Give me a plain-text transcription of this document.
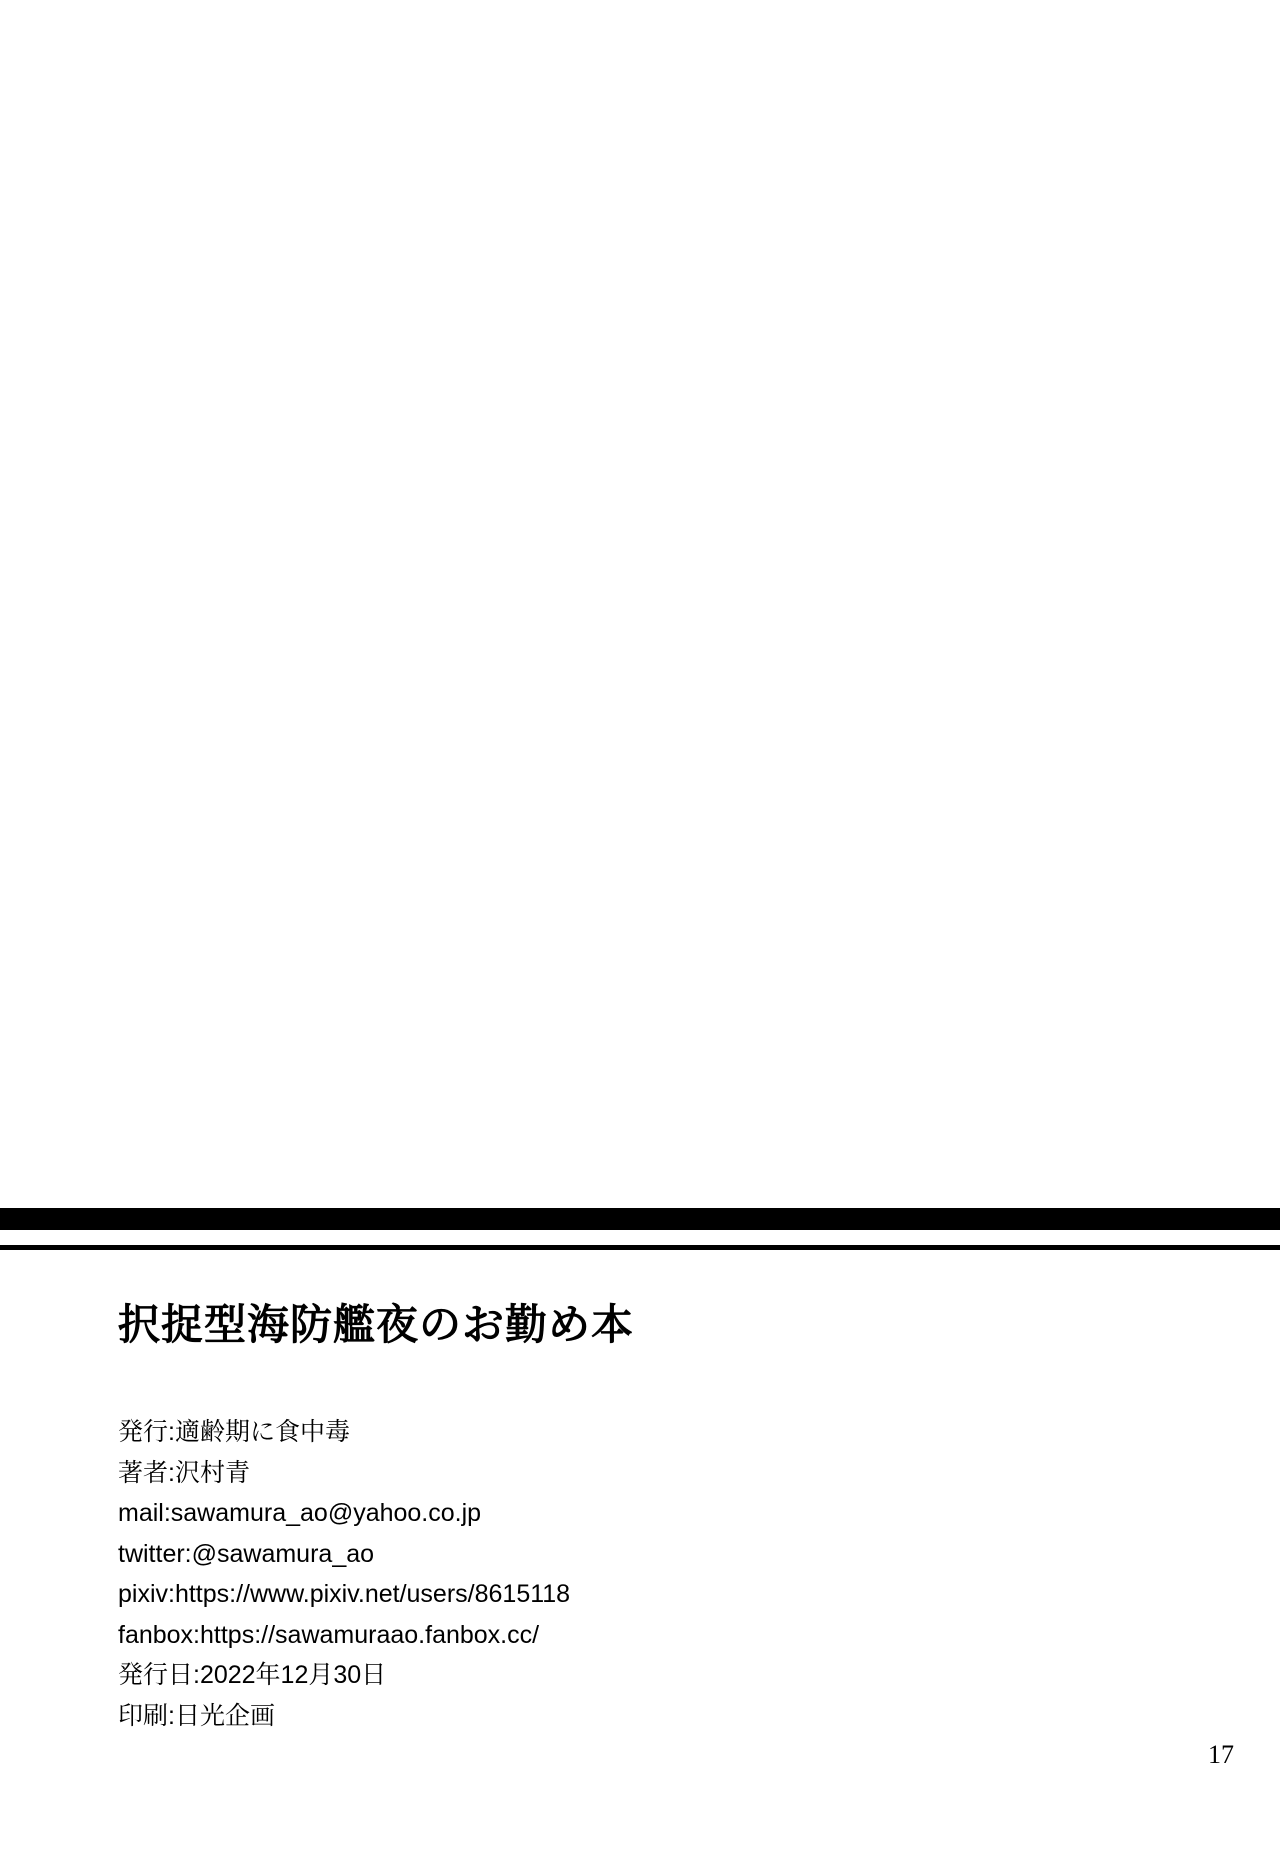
択捉型海防艦夜のお勤め本

発行:適齢期に食中毒

著者:沢村青

mail:sawamura_ao@yahoo.co.jp

twitter:@sawamura_ao

pixiv:https://www.pixiv.net/users/8615118

fanbox:https://sawamuraao.fanbox.cc/

発行日:2022年12月30日

印刷:日光企画

17
